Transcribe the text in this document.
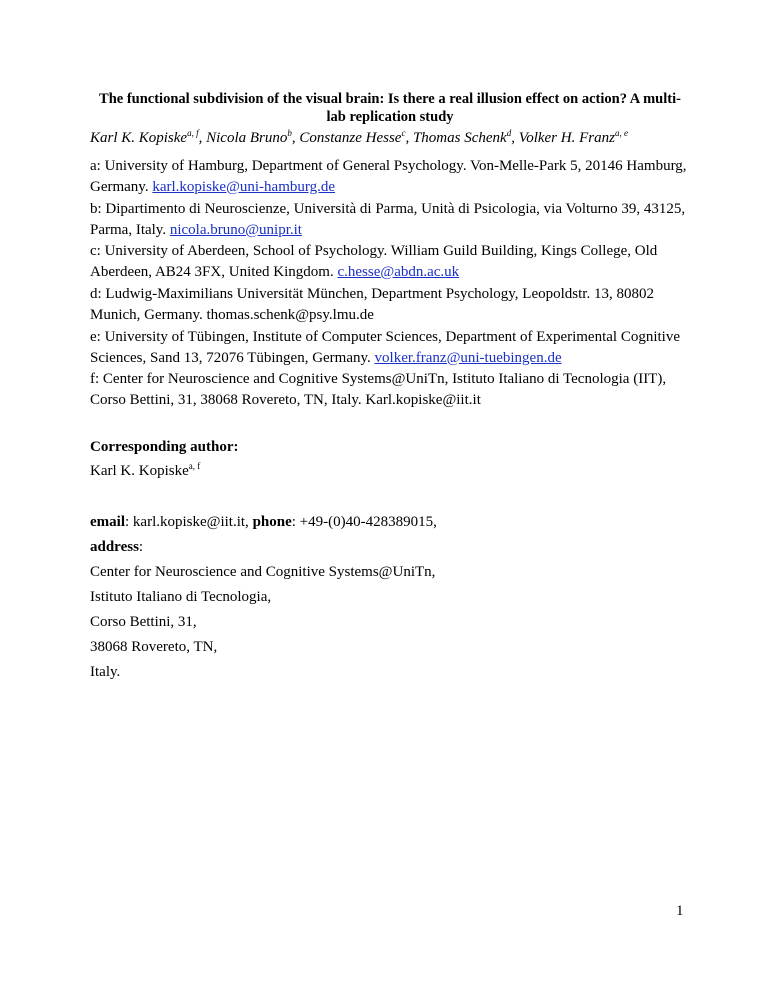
The functional subdivision of the visual brain: Is there a real illusion effect on action? A multi-lab replication study
Karl K. Kopiske$^{a, f}$, Nicola Bruno$^b$, Constanze Hesse$^c$, Thomas Schenk$^d$, Volker H. Franz$^{a, e}$
a: University of Hamburg, Department of General Psychology. Von-Melle-Park 5, 20146 Hamburg, Germany. karl.kopiske@uni-hamburg.de
b: Dipartimento di Neuroscienze, Università di Parma, Unità di Psicologia, via Volturno 39, 43125, Parma, Italy. nicola.bruno@unipr.it
c: University of Aberdeen, School of Psychology. William Guild Building, Kings College, Old Aberdeen, AB24 3FX, United Kingdom. c.hesse@abdn.ac.uk
d: Ludwig-Maximilians Universität München, Department Psychology, Leopoldstr. 13, 80802 Munich, Germany. thomas.schenk@psy.lmu.de
e: University of Tübingen, Institute of Computer Sciences, Department of Experimental Cognitive Sciences, Sand 13, 72076 Tübingen, Germany. volker.franz@uni-tuebingen.de
f: Center for Neuroscience and Cognitive Systems@UniTn, Istituto Italiano di Tecnologia (IIT), Corso Bettini, 31, 38068 Rovereto, TN, Italy. Karl.kopiske@iit.it
Corresponding author:
Karl K. Kopiske$^{a, f}$
email: karl.kopiske@iit.it, phone: +49-(0)40-428389015,
address:
Center for Neuroscience and Cognitive Systems@UniTn,
Istituto Italiano di Tecnologia,
Corso Bettini, 31,
38068 Rovereto, TN,
Italy.
1
